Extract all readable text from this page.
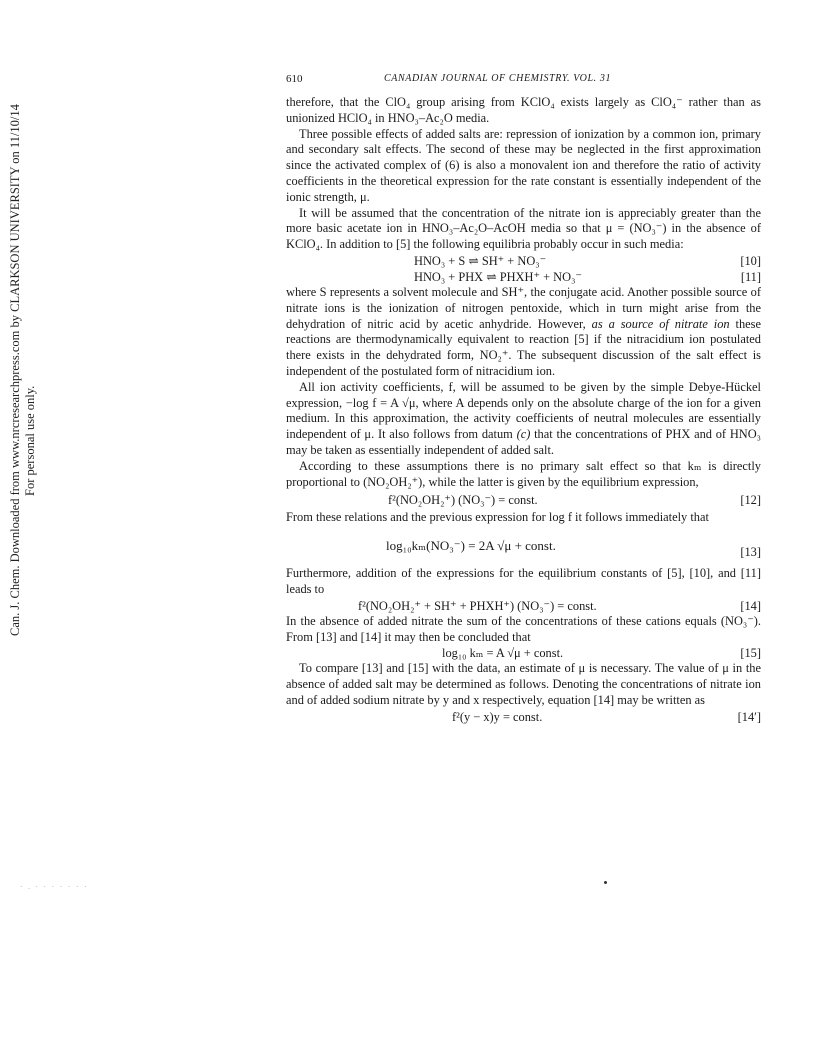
610	CANADIAN JOURNAL OF CHEMISTRY. VOL. 31
Can. J. Chem. Downloaded from www.nrcresearchpress.com by CLARKSON UNIVERSITY on 11/10/14 For personal use only.
· . · · · · · · ·

therefore, that the ClO₄ group arising from KClO₄ exists largely as ClO₄⁻ rather than as unionized HClO₄ in HNO₃–Ac₂O media.

Three possible effects of added salts are: repression of ionization by a common ion, primary and secondary salt effects. The second of these may be neglected in the first approximation since the activated complex of (6) is also a monovalent ion and therefore the ratio of activity coefficients in the theoretical expression for the rate constant is essentially independent of the ionic strength, μ.

It will be assumed that the concentration of the nitrate ion is appreciably greater than the more basic acetate ion in HNO₃–Ac₂O–AcOH media so that μ = (NO₃⁻) in the absence of KClO₄. In addition to [5] the following equilibria probably occur in such media:

HNO₃ + S ⇌ SH⁺ + NO₃⁻	[10]
HNO₃ + PHX ⇌ PHXH⁺ + NO₃⁻	[11]

where S represents a solvent molecule and SH⁺, the conjugate acid. Another possible source of nitrate ions is the ionization of nitrogen pentoxide, which in turn might arise from the dehydration of nitric acid by acetic anhydride. However, as a source of nitrate ion these reactions are thermodynamically equivalent to reaction [5] if the nitracidium ion postulated there exists in the dehydrated form, NO₂⁺. The subsequent discussion of the salt effect is independent of the postulated form of nitracidium ion.

All ion activity coefficients, f, will be assumed to be given by the simple Debye-Hückel expression, −log f = A √μ, where A depends only on the absolute charge of the ion for a given medium. In this approximation, the activity coefficients of neutral molecules are essentially independent of μ. It also follows from datum (c) that the concentrations of PHX and of HNO₃ may be taken as essentially independent of added salt.

According to these assumptions there is no primary salt effect so that kₘ is directly proportional to (NO₂OH₂⁺), while the latter is given by the equilibrium expression,

f²(NO₂OH₂⁺) (NO₃⁻) = const.	[12]

From these relations and the previous expression for log f it follows immediately that

log₁₀kₘ(NO₃⁻) = 2A √μ + const.	[13]

Furthermore, addition of the expressions for the equilibrium constants of [5], [10], and [11] leads to

f²(NO₂OH₂⁺ + SH⁺ + PHXH⁺) (NO₃⁻) = const.	[14]

In the absence of added nitrate the sum of the concentrations of these cations equals (NO₃⁻). From [13] and [14] it may then be concluded that

log₁₀ kₘ = A √μ + const.	[15]

To compare [13] and [15] with the data, an estimate of μ is necessary. The value of μ in the absence of added salt may be determined as follows. Denoting the concentrations of nitrate ion and of added sodium nitrate by y and x respectively, equation [14] may be written as

f²(y − x)y = const.	[14′]
